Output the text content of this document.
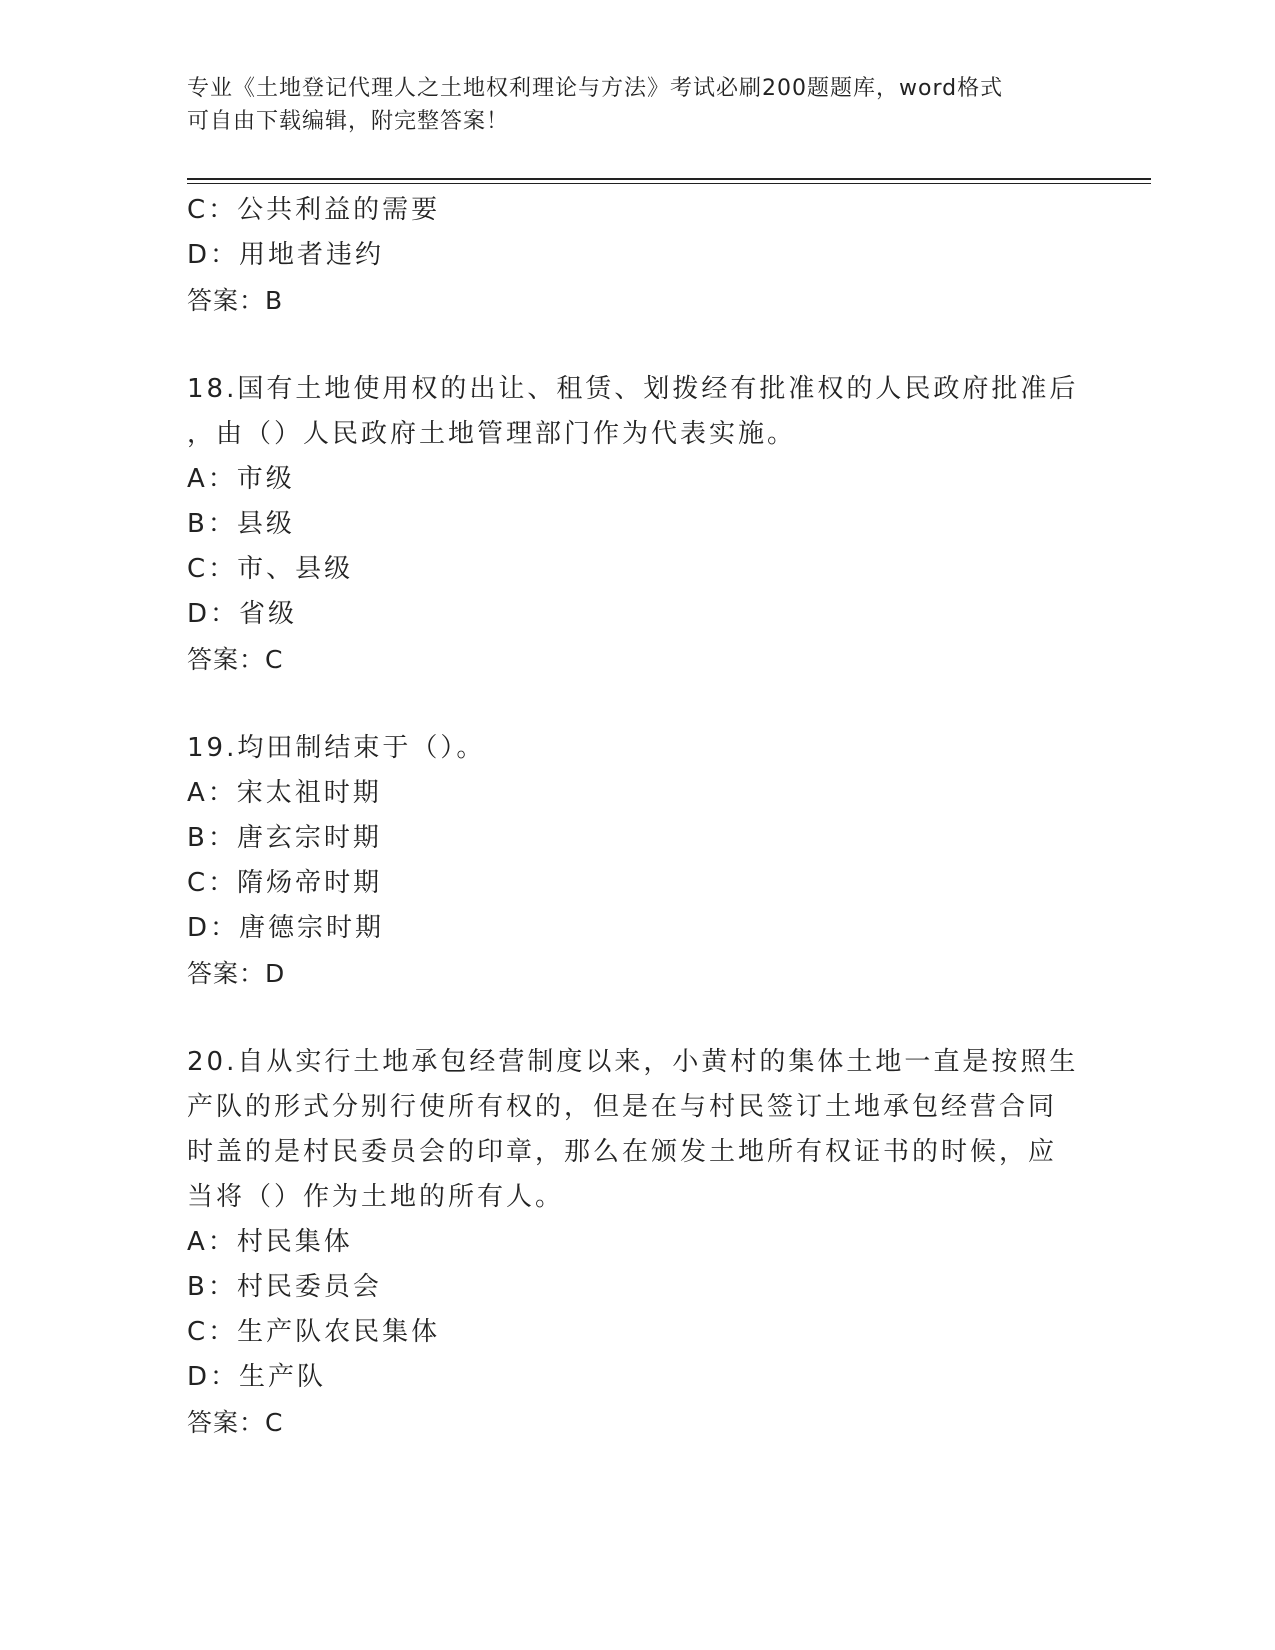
专业《土地登记代理人之土地权利理论与方法》考试必刷200题题库，word格式
可自由下载编辑，附完整答案！
C：公共利益的需要
D：用地者违约
答案：B
18.国有土地使用权的出让、租赁、划拨经有批准权的人民政府批准后
，由（）人民政府土地管理部门作为代表实施。
A：市级
B：县级
C：市、县级
D：省级
答案：C
19.均田制结束于（）。
A：宋太祖时期
B：唐玄宗时期
C：隋炀帝时期
D：唐德宗时期
答案：D
20.自从实行土地承包经营制度以来，小黄村的集体土地一直是按照生
产队的形式分别行使所有权的，但是在与村民签订土地承包经营合同
时盖的是村民委员会的印章，那么在颁发土地所有权证书的时候，应
当将（）作为土地的所有人。
A：村民集体
B：村民委员会
C：生产队农民集体
D：生产队
答案：C
